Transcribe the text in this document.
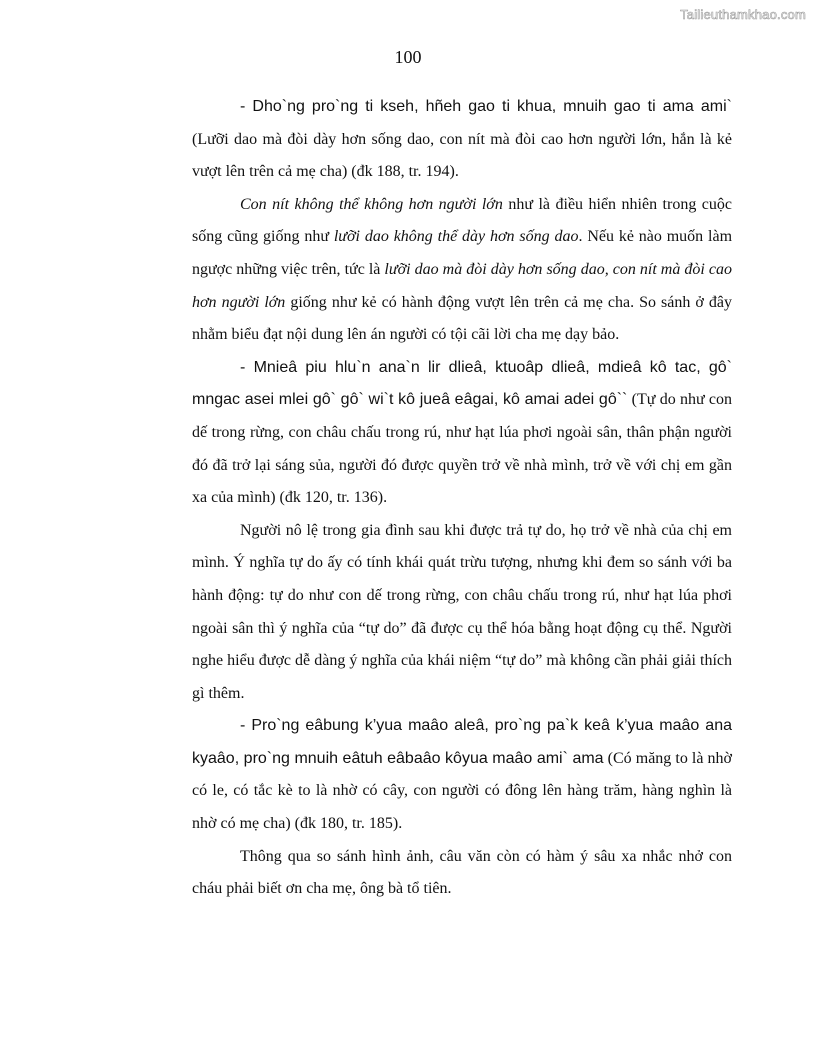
Tailieuthamkhao.com
100

- Dho`ng pro`ng ti kseh, hñeh gao ti khua, mnuih gao ti ama ami` (Lưỡi dao mà đòi dày hơn sống dao, con nít mà đòi cao hơn người lớn, hắn là kẻ vượt lên trên cả mẹ cha) (đk 188, tr. 194).

Con nít không thể không hơn người lớn như là điều hiển nhiên trong cuộc sống cũng giống như lưỡi dao không thể dày hơn sống dao. Nếu kẻ nào muốn làm ngược những việc trên, tức là lưỡi dao mà đòi dày hơn sống dao, con nít mà đòi cao hơn người lớn giống như kẻ có hành động vượt lên trên cả mẹ cha. So sánh ở đây nhằm biểu đạt nội dung lên án người có tội cãi lời cha mẹ dạy bảo.

- Mnieâ piu hlu`n ana`n lir dlieâ, ktuoâp dlieâ, mdieâ kô tac, gô` mngac asei mlei gô` gô` wi`t kô jueâ eâgai, kô amai adei gô`` (Tự do như con dế trong rừng, con châu chấu trong rú, như hạt lúa phơi ngoài sân, thân phận người đó đã trở lại sáng sủa, người đó được quyền trở về nhà mình, trở về với chị em gần xa của mình) (đk 120, tr. 136).

Người nô lệ trong gia đình sau khi được trả tự do, họ trở về nhà của chị em mình. Ý nghĩa tự do ấy có tính khái quát trừu tượng, nhưng khi đem so sánh với ba hành động: tự do như con dế trong rừng, con châu chấu trong rú, như hạt lúa phơi ngoài sân thì ý nghĩa của “tự do” đã được cụ thể hóa bằng hoạt động cụ thể. Người nghe hiểu được dễ dàng ý nghĩa của khái niệm “tự do” mà không cần phải giải thích gì thêm.

- Pro`ng eâbung k’yua maâo aleâ, pro`ng pa`k keâ k’yua maâo ana kyaâo, pro`ng mnuih eâtuh eâbaâo kôyua maâo ami` ama (Có măng to là nhờ có le, có tắc kè to là nhờ có cây, con người có đông lên hàng trăm, hàng nghìn là nhờ có mẹ cha) (đk 180, tr. 185).

Thông qua so sánh hình ảnh, câu văn còn có hàm ý sâu xa nhắc nhở con cháu phải biết ơn cha mẹ, ông bà tổ tiên.
